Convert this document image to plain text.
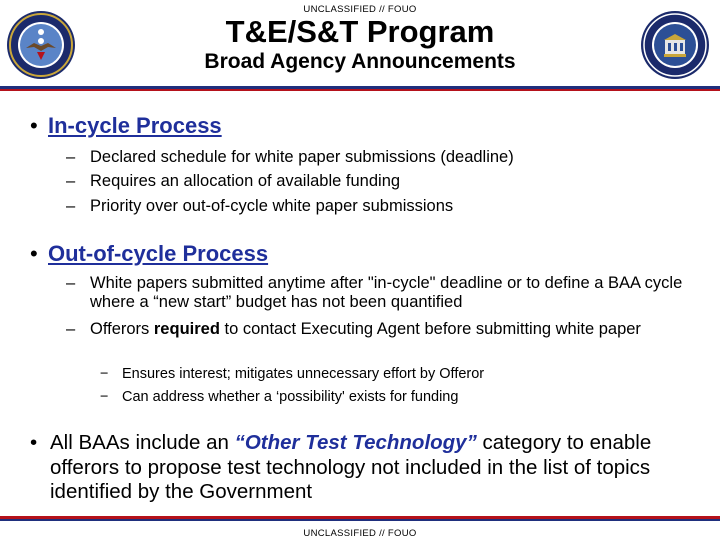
UNCLASSIFIED // FOUO
T&E/S&T Program
Broad Agency Announcements
• In-cycle Process
– Declared schedule for white paper submissions (deadline)
– Requires an allocation of available funding
– Priority over out-of-cycle white paper submissions
• Out-of-cycle Process
– White papers submitted anytime after "in-cycle" deadline or to define a BAA cycle where a “new start” budget has not been quantified
– Offerors required to contact Executing Agent before submitting white paper
− Ensures interest; mitigates unnecessary effort by Offeror
− Can address whether a ‘possibility' exists for funding
• All BAAs include an “Other Test Technology” category to enable offerors to propose test technology not included in the list of topics identified by the Government
UNCLASSIFIED // FOUO
